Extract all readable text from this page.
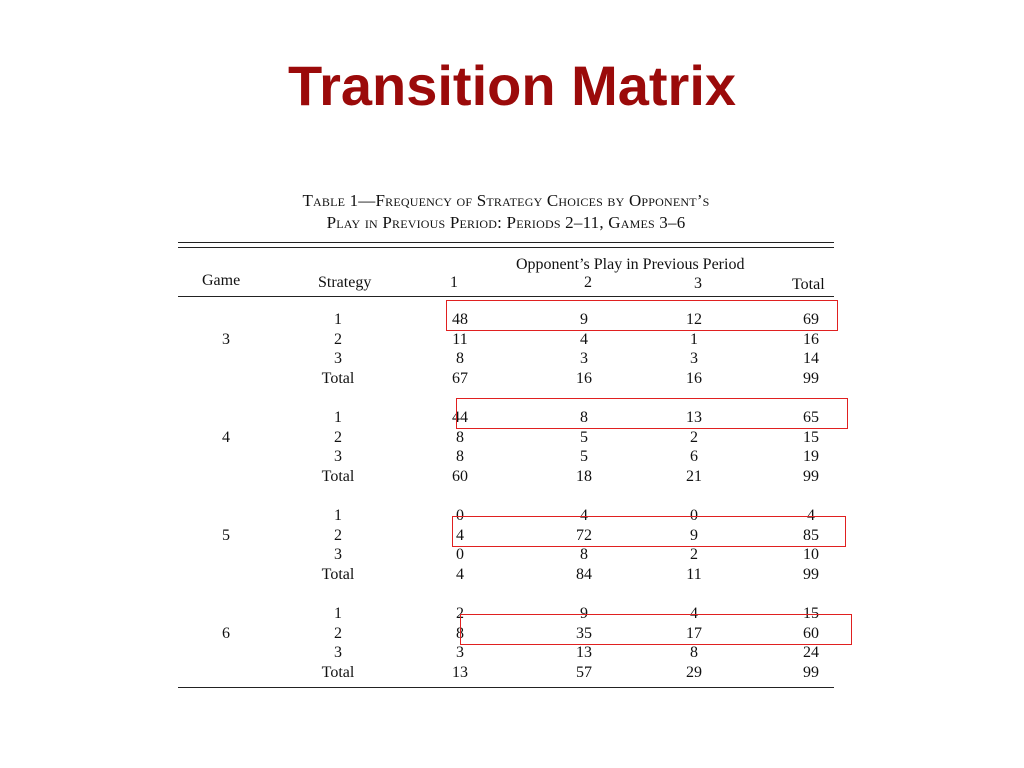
Transition Matrix
Table 1—Frequency of Strategy Choices by Opponent’s
Play in Previous Period: Periods 2–11, Games 3–6
Opponent’s Play in Previous Period
Game	Strategy	1	2	3	Total
3
1	48	9	12	69
2	11	4	1	16
3	8	3	3	14
Total	67	16	16	99
4
1	44	8	13	65
2	8	5	2	15
3	8	5	6	19
Total	60	18	21	99
5
1	0	4	0	4
2	4	72	9	85
3	0	8	2	10
Total	4	84	11	99
6
1	2	9	4	15
2	8	35	17	60
3	3	13	8	24
Total	13	57	29	99
